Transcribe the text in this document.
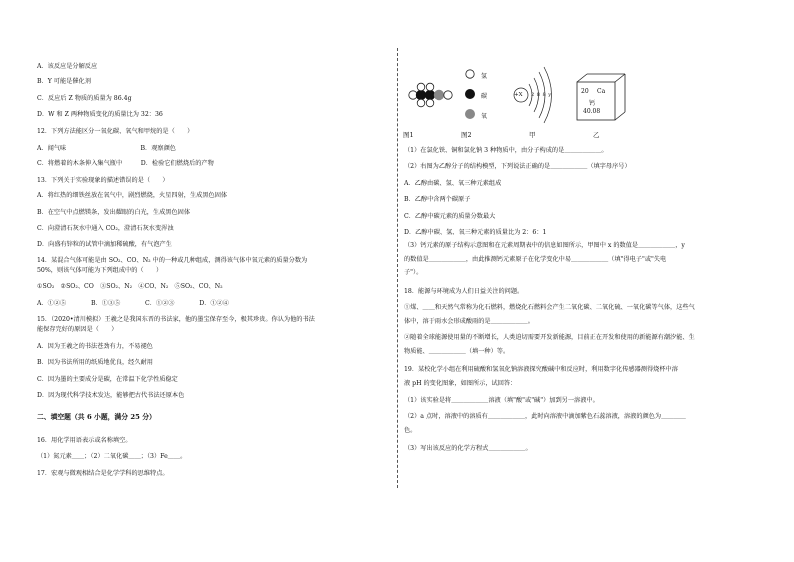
A．该反应是分解反应
B．Y 可能是催化剂
C．反应后 Z 物质的质量为 86.4g
D．W 和 Z 两种物质变化的质量比为 32：36
12．下列方法能区分一氧化碳、氧气和甲烷的是（　　）
A．闻气味　　　　　　　　　　　　B．观察颜色
C．将燃着的木条伸入集气瓶中　　　D．检验它们燃烧后的产物
13．下列关于实验现象的描述错误的是（　　）
A．将红热的细铁丝放在氧气中，剧烈燃烧，火星四射，生成黑色固体
B．在空气中点燃镁条，发出耀眼的白光，生成黑色固体
C．向澄清石灰水中通入 CO₂，澄清石灰水变浑浊
D．向盛有锌粒的试管中滴加稀硫酸，有气泡产生
14．某混合气体可能是由 SO₂、CO、N₂ 中的一种或几种组成，测得该气体中氧元素的质量分数为
50%，则该气体可能为下列组成中的（　　）
①SO₂　②SO₂、CO　③SO₂、N₂　④CO、N₂　⑤SO₂、CO、N₂
A．①②⑤　　　　B．①③⑤　　　　C．①②③　　　　D．①②④
15．（2020•清川模拟）王羲之是我国东晋的书法家，他的墨宝保存至今，极其珍贵。你认为他的书法
能保存完好的原因是（　　）
A．因为王羲之的书法苍劲有力，不易褪色
B．因为书法所用的纸质地优良，经久耐用
C．因为墨的主要成分是碳，在常温下化学性质稳定
D．因为现代科学技术发达，能够把古代书法还原本色
二、填空题（共 6 小题，满分 25 分）
16．用化学用语表示或名称填空。
（1）氮元素＿＿；（2）二氧化碳＿＿；（3）Fe＿＿。
17．宏观与微观相结合是化学学科的思维特点。
氢
碳
氧
+X 2 8 8 y	20 Ca
钙
40.08
图1	图2	甲	乙
（1）在氯化铁、铜和氯化钠 3 种物质中，由分子构成的是＿＿＿＿＿＿。
（2）右图为乙醇分子的结构模型，下列说法正确的是＿＿＿＿＿＿（填字母序号）
A．乙醇由碳、氢、氧三种元素组成
B．乙醇中含两个碳原子
C．乙醇中碳元素的质量分数最大
D．乙醇中碳、氢、氧三种元素的质量比为 2：6：1
（3）钙元素的原子结构示意图和在元素周期表中的信息如图所示，甲图中 x 的数值是＿＿＿＿＿＿，y
的数值是＿＿＿＿＿＿，由此推测钙元素原子在化学变化中易＿＿＿＿＿＿（填"得电子"或"失电
子"）。
18．能源与环境成为人们日益关注的问题。
①煤、＿＿和天然气常称为化石燃料，燃烧化石燃料会产生二氧化碳、二氧化硫、一氧化碳等气体，这些气
体中，溶于雨水会形成酸雨的是＿＿＿＿＿＿。
②随着全球能源使用量的不断增长，人类迫切需要开发新能源，目前正在开发和使用的新能源有潮汐能、生
物质能、＿＿＿＿＿＿（填一种）等。
19．某校化学小组在利用硫酸和氢氧化钠溶液探究酸碱中和反应时，利用数字化传感器测得烧杯中溶
液 pH 的变化图象，如图所示，试回答：
（1）该实验是将＿＿＿＿＿＿溶液（填"酸"或"碱"）加到另一溶液中。
（2）a 点时，溶液中的溶质有＿＿＿＿＿＿，此时向溶液中滴加紫色石蕊溶液，溶液的颜色为＿＿＿＿
色。
（3）写出该反应的化学方程式＿＿＿＿＿＿。
